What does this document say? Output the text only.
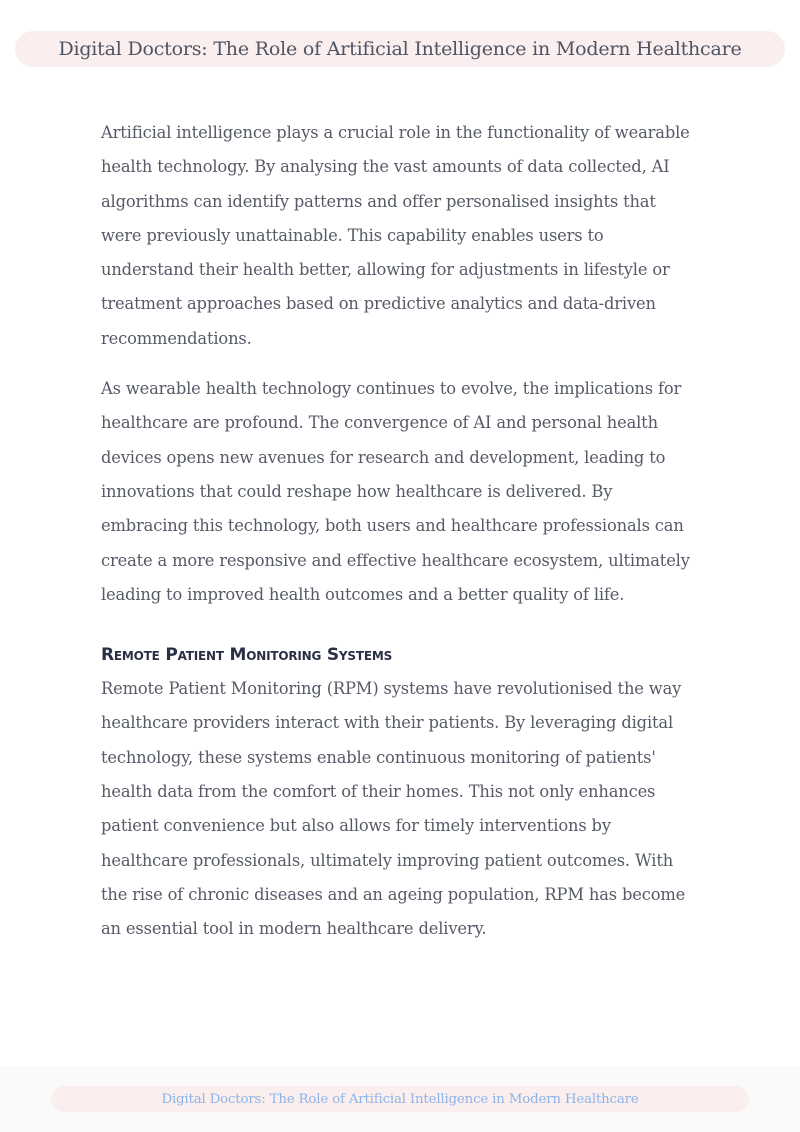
Digital Doctors: The Role of Artificial Intelligence in Modern Healthcare

Artificial intelligence plays a crucial role in the functionality of wearable health technology. By analysing the vast amounts of data collected, AI algorithms can identify patterns and offer personalised insights that were previously unattainable. This capability enables users to understand their health better, allowing for adjustments in lifestyle or treatment approaches based on predictive analytics and data-driven recommendations.

As wearable health technology continues to evolve, the implications for healthcare are profound. The convergence of AI and personal health devices opens new avenues for research and development, leading to innovations that could reshape how healthcare is delivered. By embracing this technology, both users and healthcare professionals can create a more responsive and effective healthcare ecosystem, ultimately leading to improved health outcomes and a better quality of life.

Remote Patient Monitoring Systems

Remote Patient Monitoring (RPM) systems have revolutionised the way healthcare providers interact with their patients. By leveraging digital technology, these systems enable continuous monitoring of patients' health data from the comfort of their homes. This not only enhances patient convenience but also allows for timely interventions by healthcare professionals, ultimately improving patient outcomes. With the rise of chronic diseases and an ageing population, RPM has become an essential tool in modern healthcare delivery.

Digital Doctors: The Role of Artificial Intelligence in Modern Healthcare
